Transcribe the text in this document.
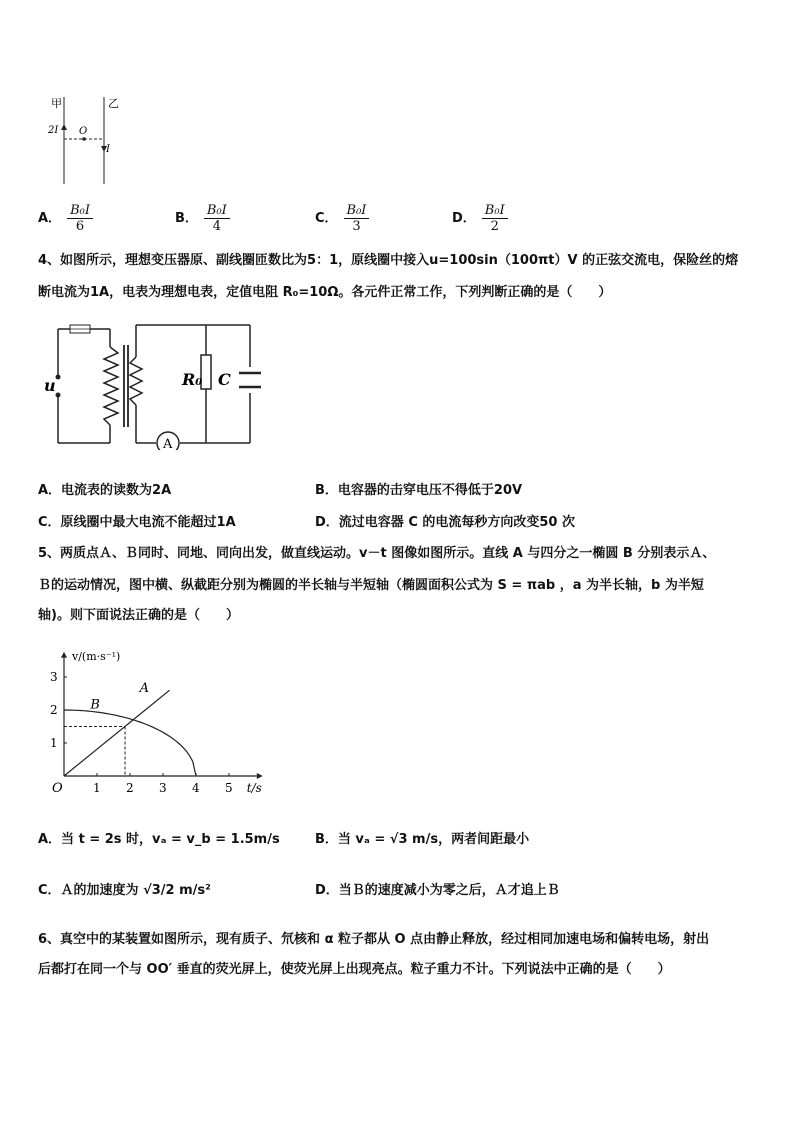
甲	乙
2I O
I
A． $\frac{\text{B₀I}}{6}$	B． $\frac{\text{B₀I}}{4}$	C． $\frac{\text{B₀I}}{3}$	D． $\frac{\text{B₀I}}{2}$
4、如图所示，理想变压器原、副线圈匝数比为5：1，原线圈中接入u=100sin（100πt）V 的正弦交流电，保险丝的熔
断电流为1A，电表为理想电表，定值电阻 R₀=10Ω。各元件正常工作，下列判断正确的是（　　）
u
A
R₀ C
A．电流表的读数为2A	B．电容器的击穿电压不得低于20V
C．原线圈中最大电流不能超过1A	D．流过电容器 C 的电流每秒方向改变50 次
5、两质点Ａ、Ｂ同时、同地、同向出发，做直线运动。v－t 图像如图所示。直线 A 与四分之一椭圆 B 分别表示Ａ、
Ｂ的运动情况，图中横、纵截距分别为椭圆的半长轴与半短轴（椭圆面积公式为 S = πab ，a 为半长轴，b 为半短
轴)。则下面说法正确的是（　　）
1 2 3 4 5
1
2
3
O
v/(m·s⁻¹)
t/s
A
B
A．当 t = 2s 时，vₐ = v_b = 1.5m/s	B．当 vₐ = √3 m/s，两者间距最小
C．Ａ的加速度为 √3/2 m/s²	D．当Ｂ的速度减小为零之后，Ａ才追上Ｂ
6、真空中的某装置如图所示，现有质子、氘核和 α 粒子都从 O 点由静止释放，经过相同加速电场和偏转电场，射出
后都打在同一个与 OO′ 垂直的荧光屏上，使荧光屏上出现亮点。粒子重力不计。下列说法中正确的是（　　）
